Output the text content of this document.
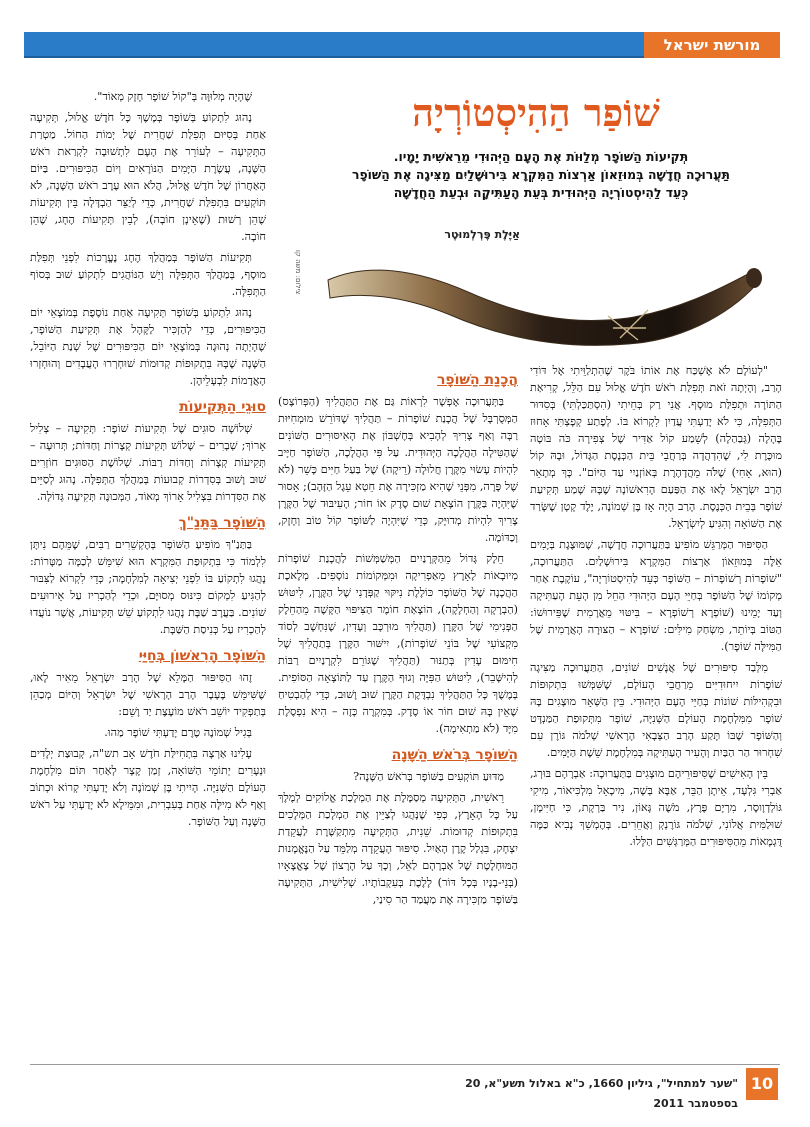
מורשת ישראל
שׁוֹפַר הַהִיסְטוֹרְיָה
תְּקִיעוֹת הַשּׁוֹפָר מְלַוּוֹת אֶת הָעָם הַיְּהוּדִי מֵרֵאשִׁית יָמָיו.
תַּעֲרוּכָה חֲדָשָׁה בְּמוּזֵאוֹן אַרְצוֹת הַמִּקְרָא בִּירוּשָׁלַיִם מַצִּיגָה אֶת הַשּׁוֹפָר
כְּעֵד לַהִיסְטוֹרְיָה הַיְּהוּדִית בְּעֵת הָעַתִּיקָה וּבְעֵת הַחֲדָשָׁה
אַיֶּלֶת פֶּרְלְמוּטֶר
צילום: משה קו

"לְעוֹלָם לֹא אֶשְׁכַּח אֶת אוֹתוֹ בֹּקֶר שֶׁהִתְלַוֵּיתִי אֶל דּוֹדִי הָרַב, וְהָיְתָה זֹאת תְּפִלַּת רֹאשׁ חֹדֶשׁ אֱלוּל עִם הַלֵּל, קְרִיאַת הַתּוֹרָה וּתְפִלַּת מוּסָף. אֲנִי רַק בְּחֵיתִי (הִסְתַּכַּלְתִּי) בְּסִדּוּר הַתְּפִלָּה, כִּי לֹא יָדַעְתִּי עֲדַיִן לִקְרוֹא בּוֹ. לְפֶתַע קְפָצְתִּי אָחוּז בֶּהָלָה (גְּבַהַלָה) לְשֵׁמַע קוֹל אַדִּיר שֶׁל צְפִירָה כֹּה בּוֹטָה מוּכֶּרֶת לִי, שֶׁהִדְהֲדָה בְּרַחֲבֵי בֵּית הַכְּנֶסֶת הַגָּדוֹל, וּבָהּ קוֹל (הוּא, אָחִי) שֶׁלֹּה מֵהֲדָהֶרֶת בְּאוֹזְנַיִי עַד הַיּוֹם". כָּךְ מְתָאֵר הָרַב יִשְׂרָאֵל לָאוּ אֶת הַפַּעַם הָרִאשׁוֹנָה שֶׁבָּהּ שָׁמַע תְּקִיעַת שׁוֹפָר בְּבֵית הַכְּנֶסֶת. הָרַב הָיָה אָז בֶּן שְׁמוֹנֶה, יֶלֶד קָטָן שֶׁשָּׂרַד אֶת הַשּׁוֹאָה וְהִגִּיעַ לְיִשְׂרָאֵל.

הַסִּיפּוּר הַמְּרַגֵּשׁ מוֹפִיעַ בַּתַּעֲרוּכָה חֲדָשָׁה, שֶׁמּוּצֶגֶת בְּיָמִים אֵלֶּה בְּמוּזֵאוֹן אַרְצוֹת הַמִּקְרָא בִּירוּשָׁלַיִם. הַתַּעֲרוּכָה, "שׁוֹפָרוֹת רְשׁוֹפָרוֹת – הַשּׁוֹפָר כְּעֵד לַהִיסְטוֹרְיָה", עוֹקֶבֶת אַחַר מְקוֹמוֹ שֶׁל הַשּׁוֹפָר בְּחַיֵּי הָעָם הַיְּהוּדִי הַחֵל מִן הָעֵת הָעַתִּיקָה וְעַד יָמֵינוּ (שׁוֹפְרָא רְשׁוֹפְרָא – בִּיטּוּי מֵאֲרָמִית שֶׁפֵּירוּשׁוֹ: הַטּוֹב בְּיוֹתֵר, מִשְׂחַק מִילִּים: שׁוֹפְרָא – הַצּוּרָה הָאֲרָמִית שֶׁל הַמִּילָּה שׁוֹפָר).

מִלְּבַד סִיפּוּרִים שֶׁל אֲנָשִׁים שׁוֹנִים, הַתַּעֲרוּכָה מַצִּיגָה שׁוֹפָרוֹת יִיחוּדִיִּים מֵרַחֲבֵי הָעוֹלָם, שֶׁשִּׁמְּשׁוּ בִּתְקוּפוֹת וּבִקְהִילּוֹת שׁוֹנוֹת בְּחַיֵּי הָעָם הַיְּהוּדִי. בֵּין הַשְּׁאָר מוּצָגִים בָּהּ שׁוֹפָר מִמִּלְחֶמֶת הָעוֹלָם הַשְּׁנִיָּה, שׁוֹפָר מִתְּקוּפַת הַמַּנְדָּט וְהַשּׁוֹפָר שֶׁבּוֹ תָּקַע הָרַב הַצְּבָאִי הָרָאשִׁי שְׁלֹמֹה גּוֹרֶן עִם שִׁחְרוּר הַר הַבַּיִת וְהָעִיר הָעַתִּיקָה בְּמִלְחֶמֶת שֵׁשֶׁת הַיָּמִים.

בֵּין הָאִישִׁים שֶׁסִּיפּוּרֵיהֶם מוּצָגִים בַּתַּעֲרוּכָה: אַבְרָהָם בּוּרְג, אַבְרִי גִּלְעָד, אֵיתָן הַבֵּר, אַבָּא בְּשָׁה, מִיכָאֵל מִלְכִּיאוֹר, מִיקִי גּוֹלְדְוָוסֶר, מִרְיָם פֶּרֶץ, מֹשֶׁה גָּאוֹן, נִיר בַּרְקָת, כִּי חַיִּימָן, שׁוּלַמִּית אֲלוֹנִי, שְׁלֹמֹה גּוֹרֶנְקְ וַאֲחֵרִים. בְּהֶמְשֵׁךְ נָבִיא כַּמָּה דֻּגְמָאוֹת מֵהַסִּיפּוּרִים הַמְּרַגְּשִׁים הַלָּלוּ.

הֲכָנַת הַשּׁוֹפָר

בַּתְּעֲרוּכָה אֶפְשָׁר לִרְאוֹת גַּם אֶת הַתַּהֲלִיךְ (הַפְּרוֹצֶס) הַמְּסֻרְבָּל שֶׁל הֲכָנַת שׁוֹפָרוֹת – תַּהֲלִיךְ שֶׁדּוֹרֵשׁ מוּמְחִיּוּת רַבָּה וְאַף צָרִיךְ לְהָבִיא בְּחֶשְׁבּוֹן אֶת הָאִיסּוּרִים הַשּׁוֹנִים שֶׁהַטִּילָה הַהֲלָכָה הַיְּהוּדִית. עַל פִּי הַהֲלָכָה, הַשּׁוֹפָר חַיָּיב לִהְיוֹת עָשׂוּי מִקֶּרֶן חֲלוּלָה (רֵיקָה) שֶׁל בַּעַל חַיִּים כָּשֵׁר (לֹא שֶׁל פָּרָה, מִפְּנֵי שֶׁהִיא מַזְכִּירָה אֶת חֵטְא עֵגֶל הַזָּהָב); אָסוּר שֶׁיִּהְיֶה בַּקֶּרֶן הוֹצָאָת שׁוּם סֶדֶק אוֹ חוֹר; הָעִיבּוּד שֶׁל הַקֶּרֶן צָרִיךְ לִהְיוֹת מְדוּיָּק, כְּדֵי שֶׁיִּהְיֶה לַשּׁוֹפָר קוֹל טוֹב וְחָזָק, וְכַדּוֹמֶה.

חֵלֶק גָּדוֹל מֵהַקְּרָנַיִים הַמְּשַׁמְּשׁוֹת לַהֲכָנַת שׁוֹפָרוֹת מְיוּבָאוֹת לָאָרֶץ מֵאַפְרִיקָה וּמִמְּקוֹמוֹת נוֹסָפִים. מְלֶאכֶת הַהֲכָנָה שֶׁל הַשּׁוֹפָר כּוֹלֶלֶת נִיקּוּי קַפְּדָנִי שֶׁל הַקֶּרֶן, לִיטּוּשׁ (הַבְרָקָה וְהַחְלָקָה), הוֹצָאַת חוֹמֶר הַצִּיפּוּי הַקָּשֶׁה מֵהַחֵלֶק הַפְּנִימִי שֶׁל הַקֶּרֶן (תַּהֲלִיךְ מוּרְכָּב וְעָדִין, שֶׁנִּחְשָׁב לְסוֹד מִקְצוֹעִי שֶׁל בּוֹנֵי שׁוֹפָרוֹת), יִישּׁוּר הַקֶּרֶן בְּתַהֲלִיךְ שֶׁל חִימּוּם עָדִין בְּתַנּוּר (תַּהֲלִיךְ שֶׁגּוֹרֵם לִקְרָנַיִים רַבּוֹת לְהִישָּׁבֵר), לִיטּוּשׁ הַפִּיָּה וְגוּף הַקֶּרֶן עַד לַתּוֹצָאָה הַסּוֹפִית. בְּמֶשֶׁךְ כָּל הַתַּהֲלִיךְ נִבְדֶּקֶת הַקֶּרֶן שׁוּב וָשׁוּב, כְּדֵי לְהַבְטִיחַ שֶׁאֵין בָּהּ שׁוּם חוֹר אוֹ סֶדֶק. בְּמִקְרֶה כָּזֶה – הִיא נִפְסֶלֶת מִיָּד (לֹא מַתְאִימָה).

הַשּׁוֹפָר בְּרֹאשׁ הַשָּׁנָה

מַדּוּעַ תּוֹקְעִים בַּשּׁוֹפָר בְּרֹאשׁ הַשָּׁנָה?

רֵאשִׁית, הַתְּקִיעָה מְסַמֶּלֶת אֶת הַמְלָכַת אֱלוֹקִים לְמֶלֶךְ עַל כָּל הָאָרֶץ, כְּפִי שֶׁנָּהֲגוּ לְצַיֵּין אֶת הַמְלָכַת הַמְּלָכִים בִּתְקוּפוֹת קְדוּמוֹת. שֵׁנִית, הַתְּקִיעָה מִתְקַשֶּׁרֶת לַעֲקֵדַת יִצְחָק, בִּגְלַל קֶרֶן הָאַיִל. סִיפּוּר הָעֲקֵדָה מְלַמֵּד עַל הַנֶּאֱמָנוּת הַמּוּחְלֶטֶת שֶׁל אַבְרָהָם לַאֵל, וְכָךְ עַל הָרָצוֹן שֶׁל צֶאֱצָאָיו (בְּנֵי-בָנָיו בְּכָל דּוֹר) לָלֶכֶת בְּעִקְבוֹתָיו. שְׁלִישִׁית, הַתְּקִיעָה בַּשּׁוֹפָר מַזְכִּירָה אֶת מַעֲמַד הַר סִינַי,

שֶׁהָיָה מְלוּוֶּה בְּ"קוֹל שׁוֹפָר חָזָק מְאוֹד".

נָהוּג לִתְקוֹעַ בְּשׁוֹפָר בְּמֶשֶׁךְ כָּל חֹדֶשׁ אֱלוּל, תְּקִיעָה אַחַת בְּסִיּוּם תְּפִלַּת שַׁחֲרִית שֶׁל יְמוֹת הַחוֹל. מַטְרַת הַתְּקִיעָה – לְעוֹרֵר אֶת הָעָם לִתְשׁוּבָה לִקְרַאת רֹאשׁ הַשָּׁנָה, עֲשֶׂרֶת הַיָּמִים הַנּוֹרָאִים וְיוֹם הַכִּיפּוּרִים. בַּיּוֹם הָאַחֲרוֹן שֶׁל חֹדֶשׁ אֱלוּל, הֲלֹא הוּא עֶרֶב רֹאשׁ הַשָּׁנָה, לֹא תּוֹקְעִים בִּתְפִלַּת שַׁחֲרִית, כְּדֵי לְיַצֵּר הַבְדָּלָה בֵּין תְּקִיעוֹת שֶׁהֵן רְשׁוּת (שֶׁאֵינָן חוֹבָה), לְבֵין תְּקִיעוֹת הֶחָג, שֶׁהֵן חוֹבָה.

תְּקִיעוֹת הַשּׁוֹפָר בְּמַהֲלַךְ הֶחָג נֶעֱרָכוֹת לִפְנֵי תְּפִלַּת מוּסָף, בְּמַהֲלַךְ הַתְּפִלָּה וְיֵשׁ הַנּוֹהֲגִים לִתְקוֹעַ שׁוּב בְּסוֹף הַתְּפִלָּה.

נָהוּג לִתְקוֹעַ בְּשׁוֹפָר תְּקִיעָה אַחַת נוֹסֶפֶת בְּמוֹצָאֵי יוֹם הַכִּיפּוּרִים, כְּדֵי לְהַזְכִּיר לַקָּהָל אֶת תְּקִיעַת הַשּׁוֹפָר, שֶׁהָיְתָה נְהוּגָה בְּמוֹצָאֵי יוֹם הַכִּיפּוּרִים שֶׁל שְׁנַת הַיּוֹבֵל, הַשָּׁנָה שֶׁבָּהּ בִּתְקוּפוֹת קְדוּמוֹת שׁוּחְרְרוּ הָעֲבָדִים וְהוּחְזְרוּ הָאֲדָמוֹת לִבְעָלֵיהֶן.

סוּגֵי הַתְּקִיעוֹת

שְׁלוֹשָׁה סוּגִים שֶׁל תְּקִיעוֹת שׁוֹפָר: תְּקִיעָה – צְלִיל אָרוֹךְ; שְׁבָרִים – שָׁלוֹשׁ תְּקִיעוֹת קְצָרוֹת וְחַדּוֹת; תְּרוּעָה – תְּקִיעוֹת קְצָרוֹת וְחַדּוֹת רַבּוֹת. שְׁלוֹשֶׁת הַסּוּגִים חוֹזְרִים שׁוּב וָשׁוּב בְּסִדְרוֹת קְבוּעוֹת בְּמַהֲלַךְ הַתְּפִלָּה. נָהוּג לְסַיֵּים אֶת הַסִּדְרוֹת בִּצְלִיל אָרוֹךְ מְאוֹד, הַמְּכוּנֶה תְּקִיעָה גְּדוֹלָה.

הַשּׁוֹפָר בַּתַּנַ"ךְ

בַּתַּנַ"ךְ מוֹפִיעַ הַשּׁוֹפָר בְּהֶקְשֵׁרִים רַבִּים, שֶׁמֵּהֶם נִיתָּן לִלְמוֹד כִּי בִּתְקוּפַת הַמִּקְרָא הוּא שִׁימֵּשׁ לְכַמָּה מַטָּרוֹת: נָהֲגוּ לִתְקוֹעַ בּוֹ לִפְנֵי יְצִיאָה לְמִלְחָמָה; כְּדֵי לִקְרוֹא לַצִּבּוּר לְהַגִּיעַ לִמְקוֹם כִּינּוּס מְסוּיָּם, וּכְדֵי לְהַכְרִיז עַל אֵירוּעִים שׁוֹנִים. בַּעֲרָב שַׁבָּת נָהֲגוּ לִתְקוֹעַ שֵׁשׁ תְּקִיעוֹת, אֲשֶׁר נוֹעֲדוּ לְהַכְרִיז עַל כְּנִיסַת הַשַּׁבָּת.

הַשּׁוֹפָר הָרִאשׁוֹן בְּחַיַּי

זֶהוּ הַסִּיפּוּר הַמָּלֵא שֶׁל הָרַב יִשְׂרָאֵל מֵאִיר לָאוּ, שֶׁשִּׁימֵּשׁ בֶּעָבָר הָרַב הָרָאשִׁי שֶׁל יִשְׂרָאֵל וְהַיּוֹם מְכַהֵן בְּתַפְקִיד יוֹשֵׁב רֹאשׁ מוֹעֶצֶת יַד וָשֵׁם:

בְּגִיל שְׁמוֹנֶה טֶרֶם יָדַעְתִּי שׁוֹפָר מַהוּ.

עָלִינוּ אַרְצָה בִּתְחִילַּת חֹדֶשׁ אָב תש"ה, קְבוּצַת יְלָדִים וּנְעָרִים יְתוֹמֵי הַשּׁוֹאָה, זְמַן קָצָר לְאַחַר תּוֹם מִלְחֶמֶת הָעוֹלָם הַשְּׁנִיָּה. הָיִיתִי בֶּן שְׁמוֹנֶה וְלֹא יָדַעְתִּי קְרוֹא וּכְתוֹב וְאַף לֹא מִילָּה אַחַת בְּעִבְרִית, וּמִמֵּילָא לֹא יָדַעְתִּי עַל רֹאשׁ הַשָּׁנָה וְעַל הַשּׁוֹפָר.

"שער למתחיל", גיליון 1660, כ"א באלול תשע"א, 20 בספטמבר 2011
10
